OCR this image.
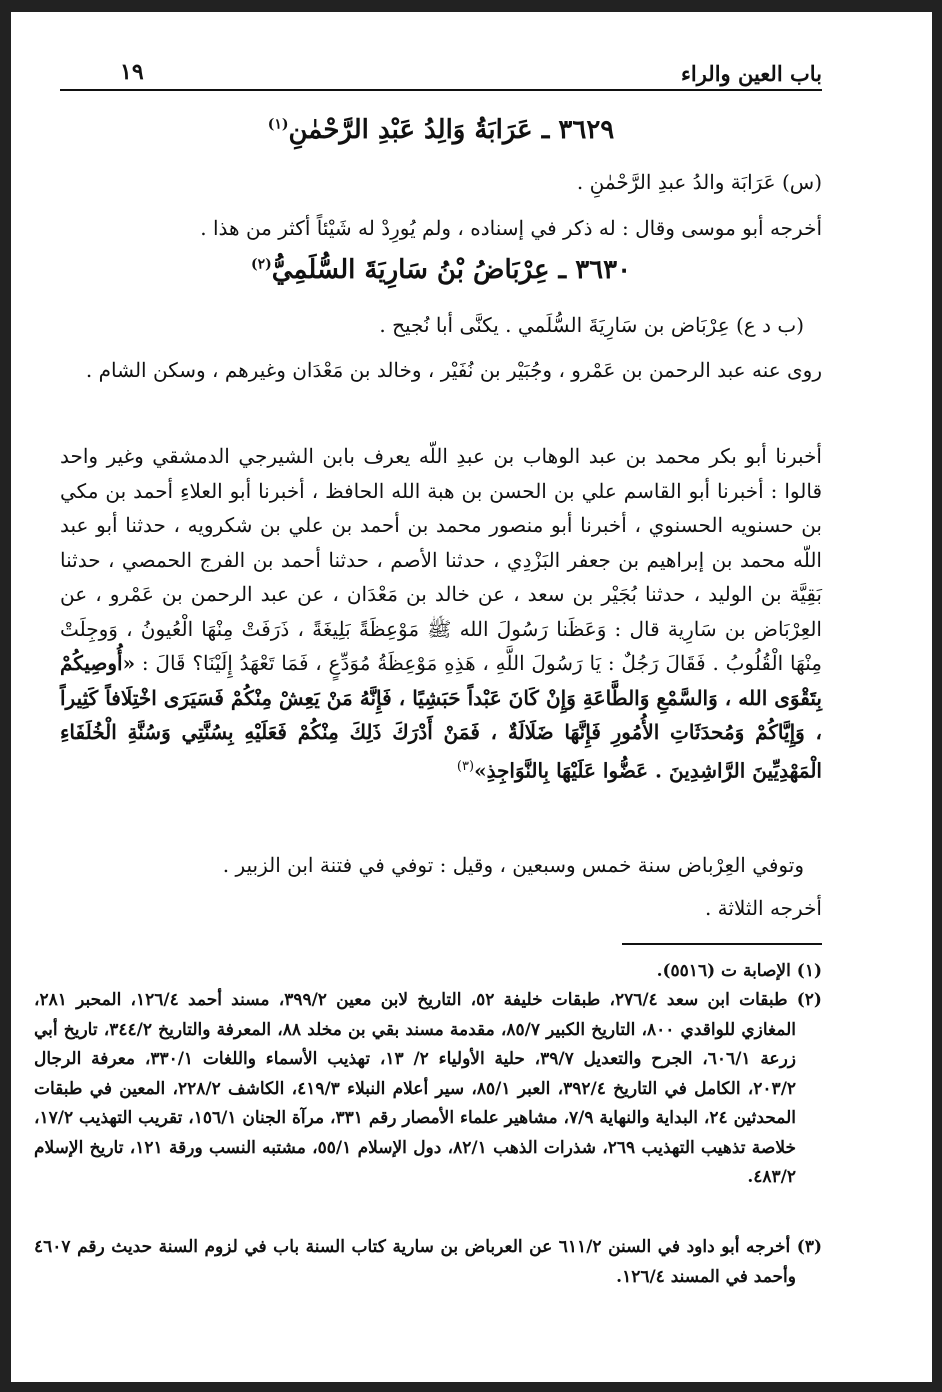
باب العين والراء
١٩
٣٦٢٩ ـ عَرَابَةُ وَالِدُ عَبْدِ الرَّحْمٰنِ$^{(١)}$
(س) عَرَابَة والدُ عبدِ الرَّحْمٰنِ .
أخرجه أبو موسى وقال : له ذكر في إسناده ، ولم يُورِدْ له شَيْئاً أكثر من هذا .
٣٦٣٠ ـ عِرْبَاضُ بْنُ سَارِيَةَ السُّلَمِيُّ$^{(٢)}$
(ب د ع) عِرْبَاض بن سَارِيَةَ السُّلَمي . يكنَّى أبا نُجيح .
روى عنه عبد الرحمن بن عَمْرو ، وجُبَيْر بن نُفَيْر ، وخالد بن مَعْدَان وغيرهم ، وسكن الشام .
أخبرنا أبو بكر محمد بن عبد الوهاب بن عبدِ اللّه يعرف بابن الشيرجي الدمشقي وغير واحد قالوا : أخبرنا أبو القاسم علي بن الحسن بن هبة الله الحافظ ، أخبرنا أبو العلاءِ أحمد بن مكي بن حسنويه الحسنوي ، أخبرنا أبو منصور محمد بن أحمد بن علي بن شكرويه ، حدثنا أبو عبد اللّه محمد بن إبراهيم بن جعفر البَزْدِي ، حدثنا الأصم ، حدثنا أحمد بن الفرج الحمصي ، حدثنا بَقِيَّة بن الوليد ، حدثنا بُجَيْر بن سعد ، عن خالد بن مَعْدَان ، عن عبد الرحمن بن عَمْرو ، عن العِرْبَاض بن سَارِية قال : وَعَظَنا رَسُولَ الله ﷺ مَوْعِظَةً بَلِيغَةً ، ذَرَفَتْ مِنْهَا الْعُيونُ ، وَوجِلَتْ مِنْهَا الْقُلُوبُ . فَقَالَ رَجُلٌ : يَا رَسُولَ اللَّهِ ، هَذِهِ مَوْعِظَةُ مُوَدِّعٍ ، فَمَا تَعْهَدُ إِلَيْنَا؟ قَالَ : «أُوصِيكُمْ بِتَقْوَى الله ، وَالسَّمْعِ وَالطَّاعَةِ وَإِنْ كَانَ عَبْداً حَبَشِيًا ، فَإِنَّهُ مَنْ يَعِشْ مِنْكُمْ فَسَيَرَى اخْتِلَافاً كَثِيراً ، وَإِيَّاكُمْ وَمُحدَثَاتِ الأُمُورِ فَإِنَّهَا ضَلَالَةٌ ، فَمَنْ أَدْرَكَ ذَلِكَ مِنْكُمْ فَعَلَيْهِ بِسُنَّتِي وَسُنَّةِ الْخُلَفَاءِ الْمَهْدِيِّينَ الرَّاشِدِينَ . عَضُّوا عَلَيْهَا بِالنَّوَاجِذِ»$^{(٣)}$
وتوفي العِرْباض سنة خمس وسبعين ، وقيل : توفي في فتنة ابن الزبير .
أخرجه الثلاثة .
(١) الإصابة ت (٥٥١٦).
(٢) طبقات ابن سعد ٢٧٦/٤، طبقات خليفة ٥٢، التاريخ لابن معين ٣٩٩/٢، مسند أحمد ١٢٦/٤، المحبر ٢٨١، المغازي للواقدي ٨٠٠، التاريخ الكبير ٨٥/٧، مقدمة مسند بقي بن مخلد ٨٨، المعرفة والتاريخ ٣٤٤/٢، تاريخ أبي زرعة ٦٠٦/١، الجرح والتعديل ٣٩/٧، حلية الأولياء ٢/ ١٣، تهذيب الأسماء واللغات ٣٣٠/١، معرفة الرجال ٢٠٣/٢، الكامل في التاريخ ٣٩٢/٤، العبر ٨٥/١، سير أعلام النبلاء ٤١٩/٣، الكاشف ٢٢٨/٢، المعين في طبقات المحدثين ٢٤، البداية والنهاية ٧/٩، مشاهير علماء الأمصار رقم ٣٣١، مرآة الجنان ١٥٦/١، تقريب التهذيب ١٧/٢، خلاصة تذهيب التهذيب ٢٦٩، شذرات الذهب ٨٢/١، دول الإسلام ٥٥/١، مشتبه النسب ورقة ١٢١، تاريخ الإسلام ٤٨٣/٢.
(٣) أخرجه أبو داود في السنن ٦١١/٢ عن العرباض بن سارية كتاب السنة باب في لزوم السنة حديث رقم ٤٦٠٧ وأحمد في المسند ١٢٦/٤.
